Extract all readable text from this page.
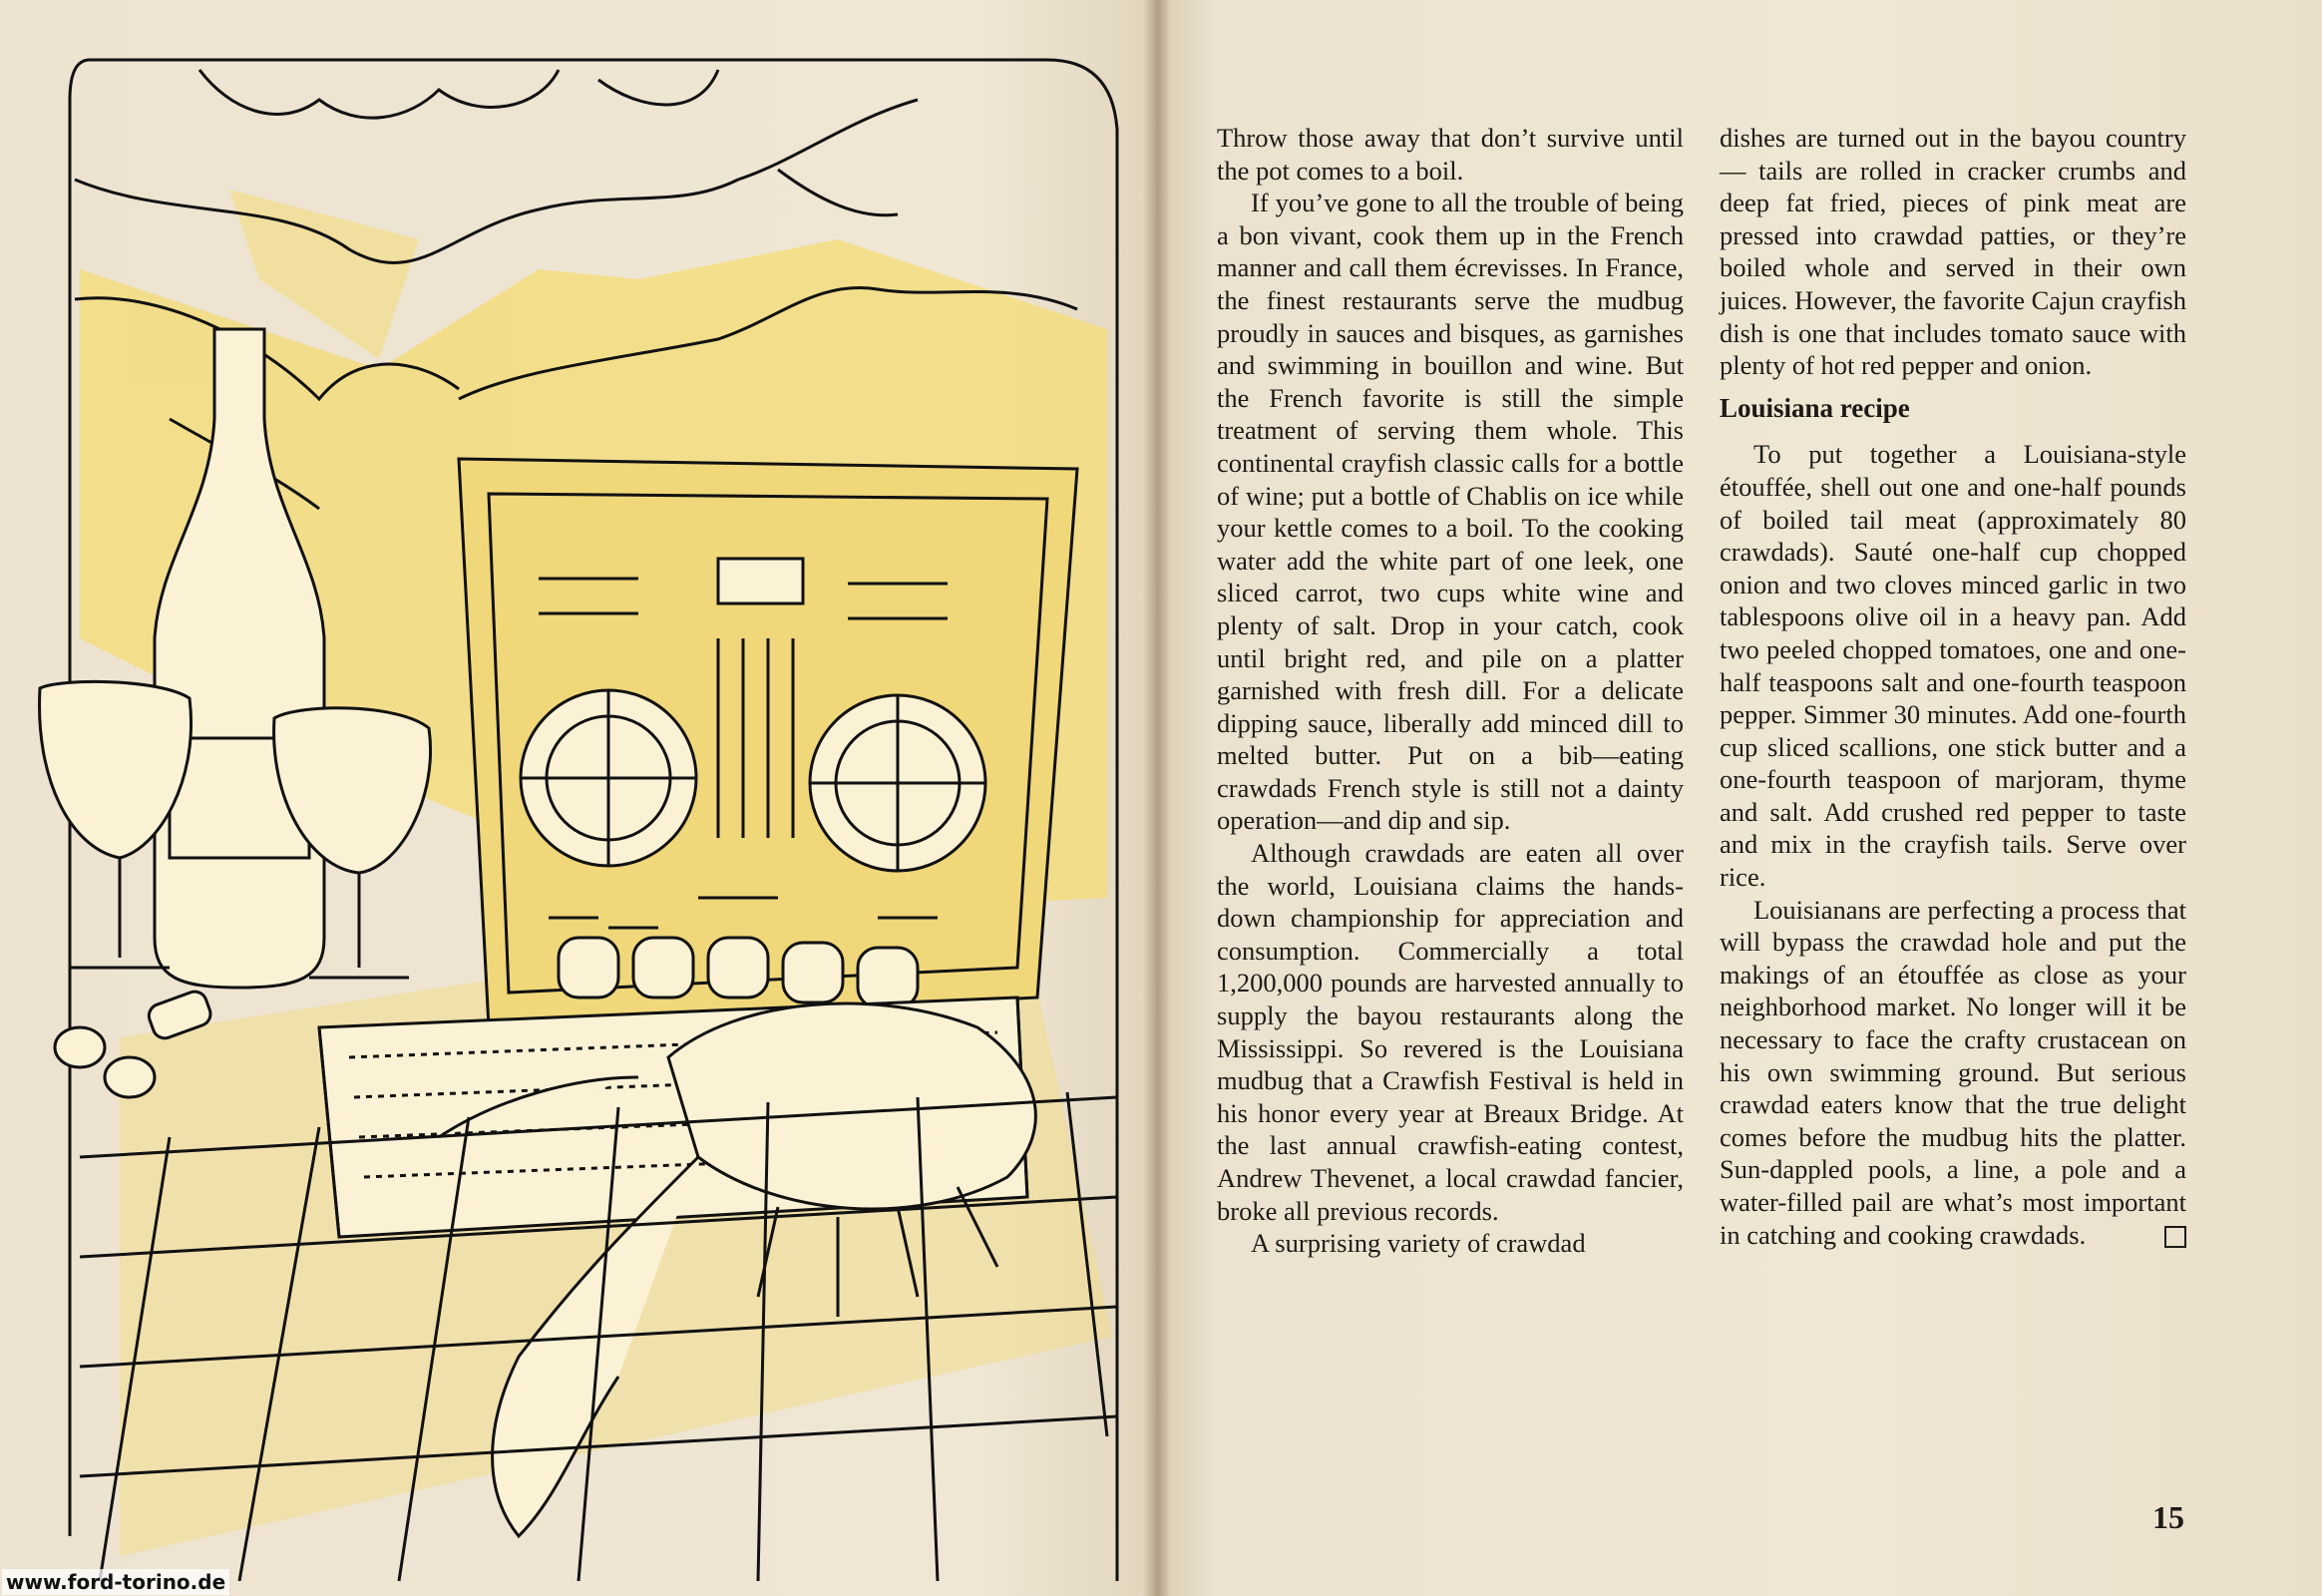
www.ford-torino.de

Throw those away that don’t survive until the pot comes to a boil.

If you’ve gone to all the trouble of being a bon vivant, cook them up in the French manner and call them écrevisses. In France, the finest restaurants serve the mudbug proudly in sauces and bisques, as garnishes and swimming in bouillon and wine. But the French favorite is still the simple treatment of serving them whole. This continental crayfish classic calls for a bottle of wine; put a bottle of Chablis on ice while your kettle comes to a boil. To the cooking water add the white part of one leek, one sliced carrot, two cups white wine and plenty of salt. Drop in your catch, cook until bright red, and pile on a platter garnished with fresh dill. For a delicate dipping sauce, liberally add minced dill to melted butter. Put on a bib—eating crawdads French style is still not a dainty operation—and dip and sip.

Although crawdads are eaten all over the world, Louisiana claims the hands-down championship for appreciation and consumption. Commercially a total 1,200,000 pounds are harvested annually to supply the bayou restaurants along the Mississippi. So revered is the Louisiana mudbug that a Crawfish Festival is held in his honor every year at Breaux Bridge. At the last annual crawfish-eating contest, Andrew Thevenet, a local crawdad fancier, broke all previous records.

A surprising variety of crawdad

dishes are turned out in the bayou country — tails are rolled in cracker crumbs and deep fat fried, pieces of pink meat are pressed into crawdad patties, or they’re boiled whole and served in their own juices. However, the favorite Cajun crayfish dish is one that includes tomato sauce with plenty of hot red pepper and onion.

Louisiana recipe

To put together a Louisiana-style étouffée, shell out one and one-half pounds of boiled tail meat (approximately 80 crawdads). Sauté one-half cup chopped onion and two cloves minced garlic in two tablespoons olive oil in a heavy pan. Add two peeled chopped tomatoes, one and one-half teaspoons salt and one-fourth teaspoon pepper. Simmer 30 minutes. Add one-fourth cup sliced scallions, one stick butter and a one-fourth teaspoon of marjoram, thyme and salt. Add crushed red pepper to taste and mix in the crayfish tails. Serve over rice.

Louisianans are perfecting a process that will bypass the crawdad hole and put the makings of an étouffée as close as your neighborhood market. No longer will it be necessary to face the crafty crustacean on his own swimming ground. But serious crawdad eaters know that the true delight comes before the mudbug hits the platter. Sun-dappled pools, a line, a pole and a water-filled pail are what’s most important in catching and cooking crawdads.

15
